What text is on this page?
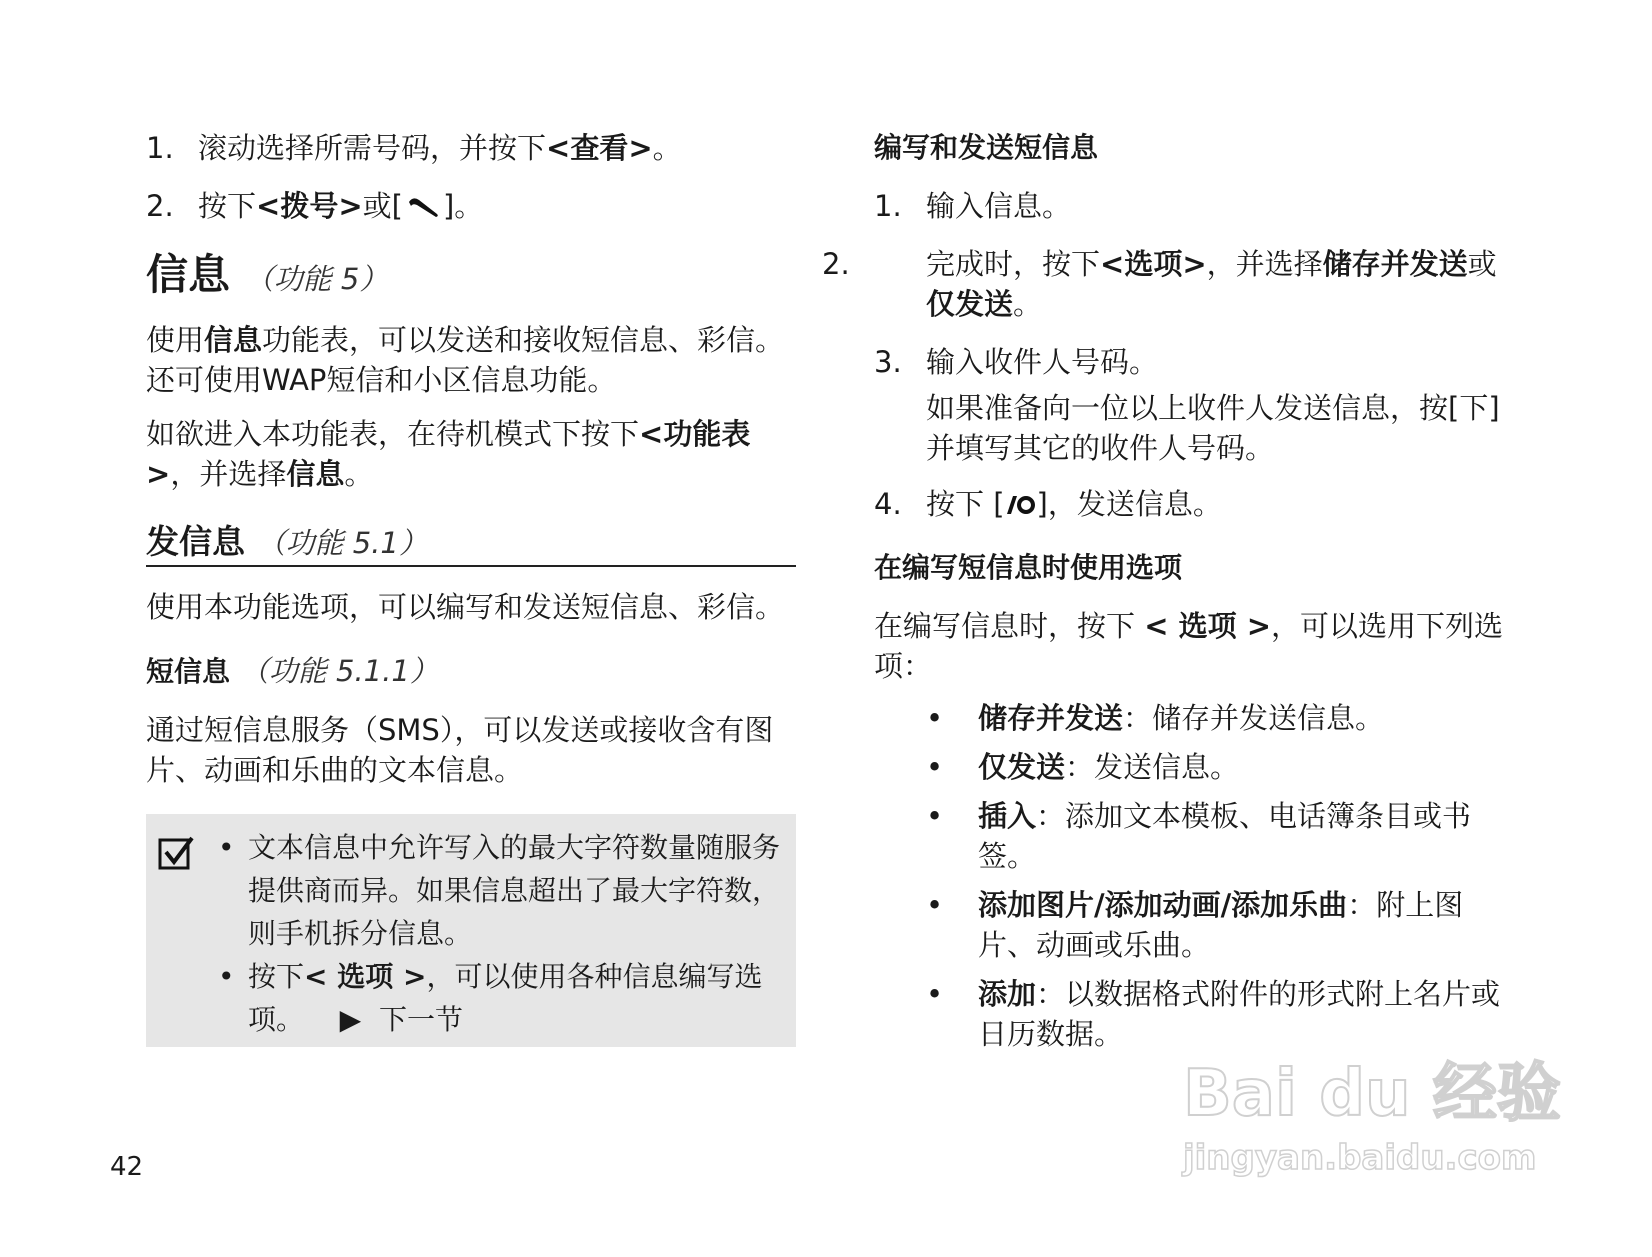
1. 滚动选择所需号码，并按下<查看>。

2. 按下<拨号>或[ ]。

信息 （功能 5）

使用信息功能表，可以发送和接收短信息、彩信。还可使用WAP短信和小区信息功能。

如欲进入本功能表，在待机模式下按下<功能表>，并选择信息。

发信息 （功能 5.1）

使用本功能选项，可以编写和发送短信息、彩信。

短信息 （功能 5.1.1）

通过短信息服务（SMS），可以发送或接收含有图片、动画和乐曲的文本信息。

• 文本信息中允许写入的最大字符数量随服务提供商而异。如果信息超出了最大字符数，则手机拆分信息。
• 按下< 选项 >，可以使用各种信息编写选项。 ▶ 下一节

编写和发送短信息

1. 输入信息。

2.	完成时，按下<选项>，并选择储存并发送或仅发送。

3. 输入收件人号码。

如果准备向一位以上收件人发送信息，按[下]并填写其它的收件人号码。

4. 按下 [ ]，发送信息。

在编写短信息时使用选项

在编写信息时，按下 < 选项 >，可以选用下列选项：

• 储存并发送：储存并发送信息。
• 仅发送：发送信息。
• 插入：添加文本模板、电话簿条目或书签。
• 添加图片/添加动画/添加乐曲：附上图片、动画或乐曲。
• 添加：以数据格式附件的形式附上名片或日历数据。
42
Bai du 经验
jingyan.baidu.com
